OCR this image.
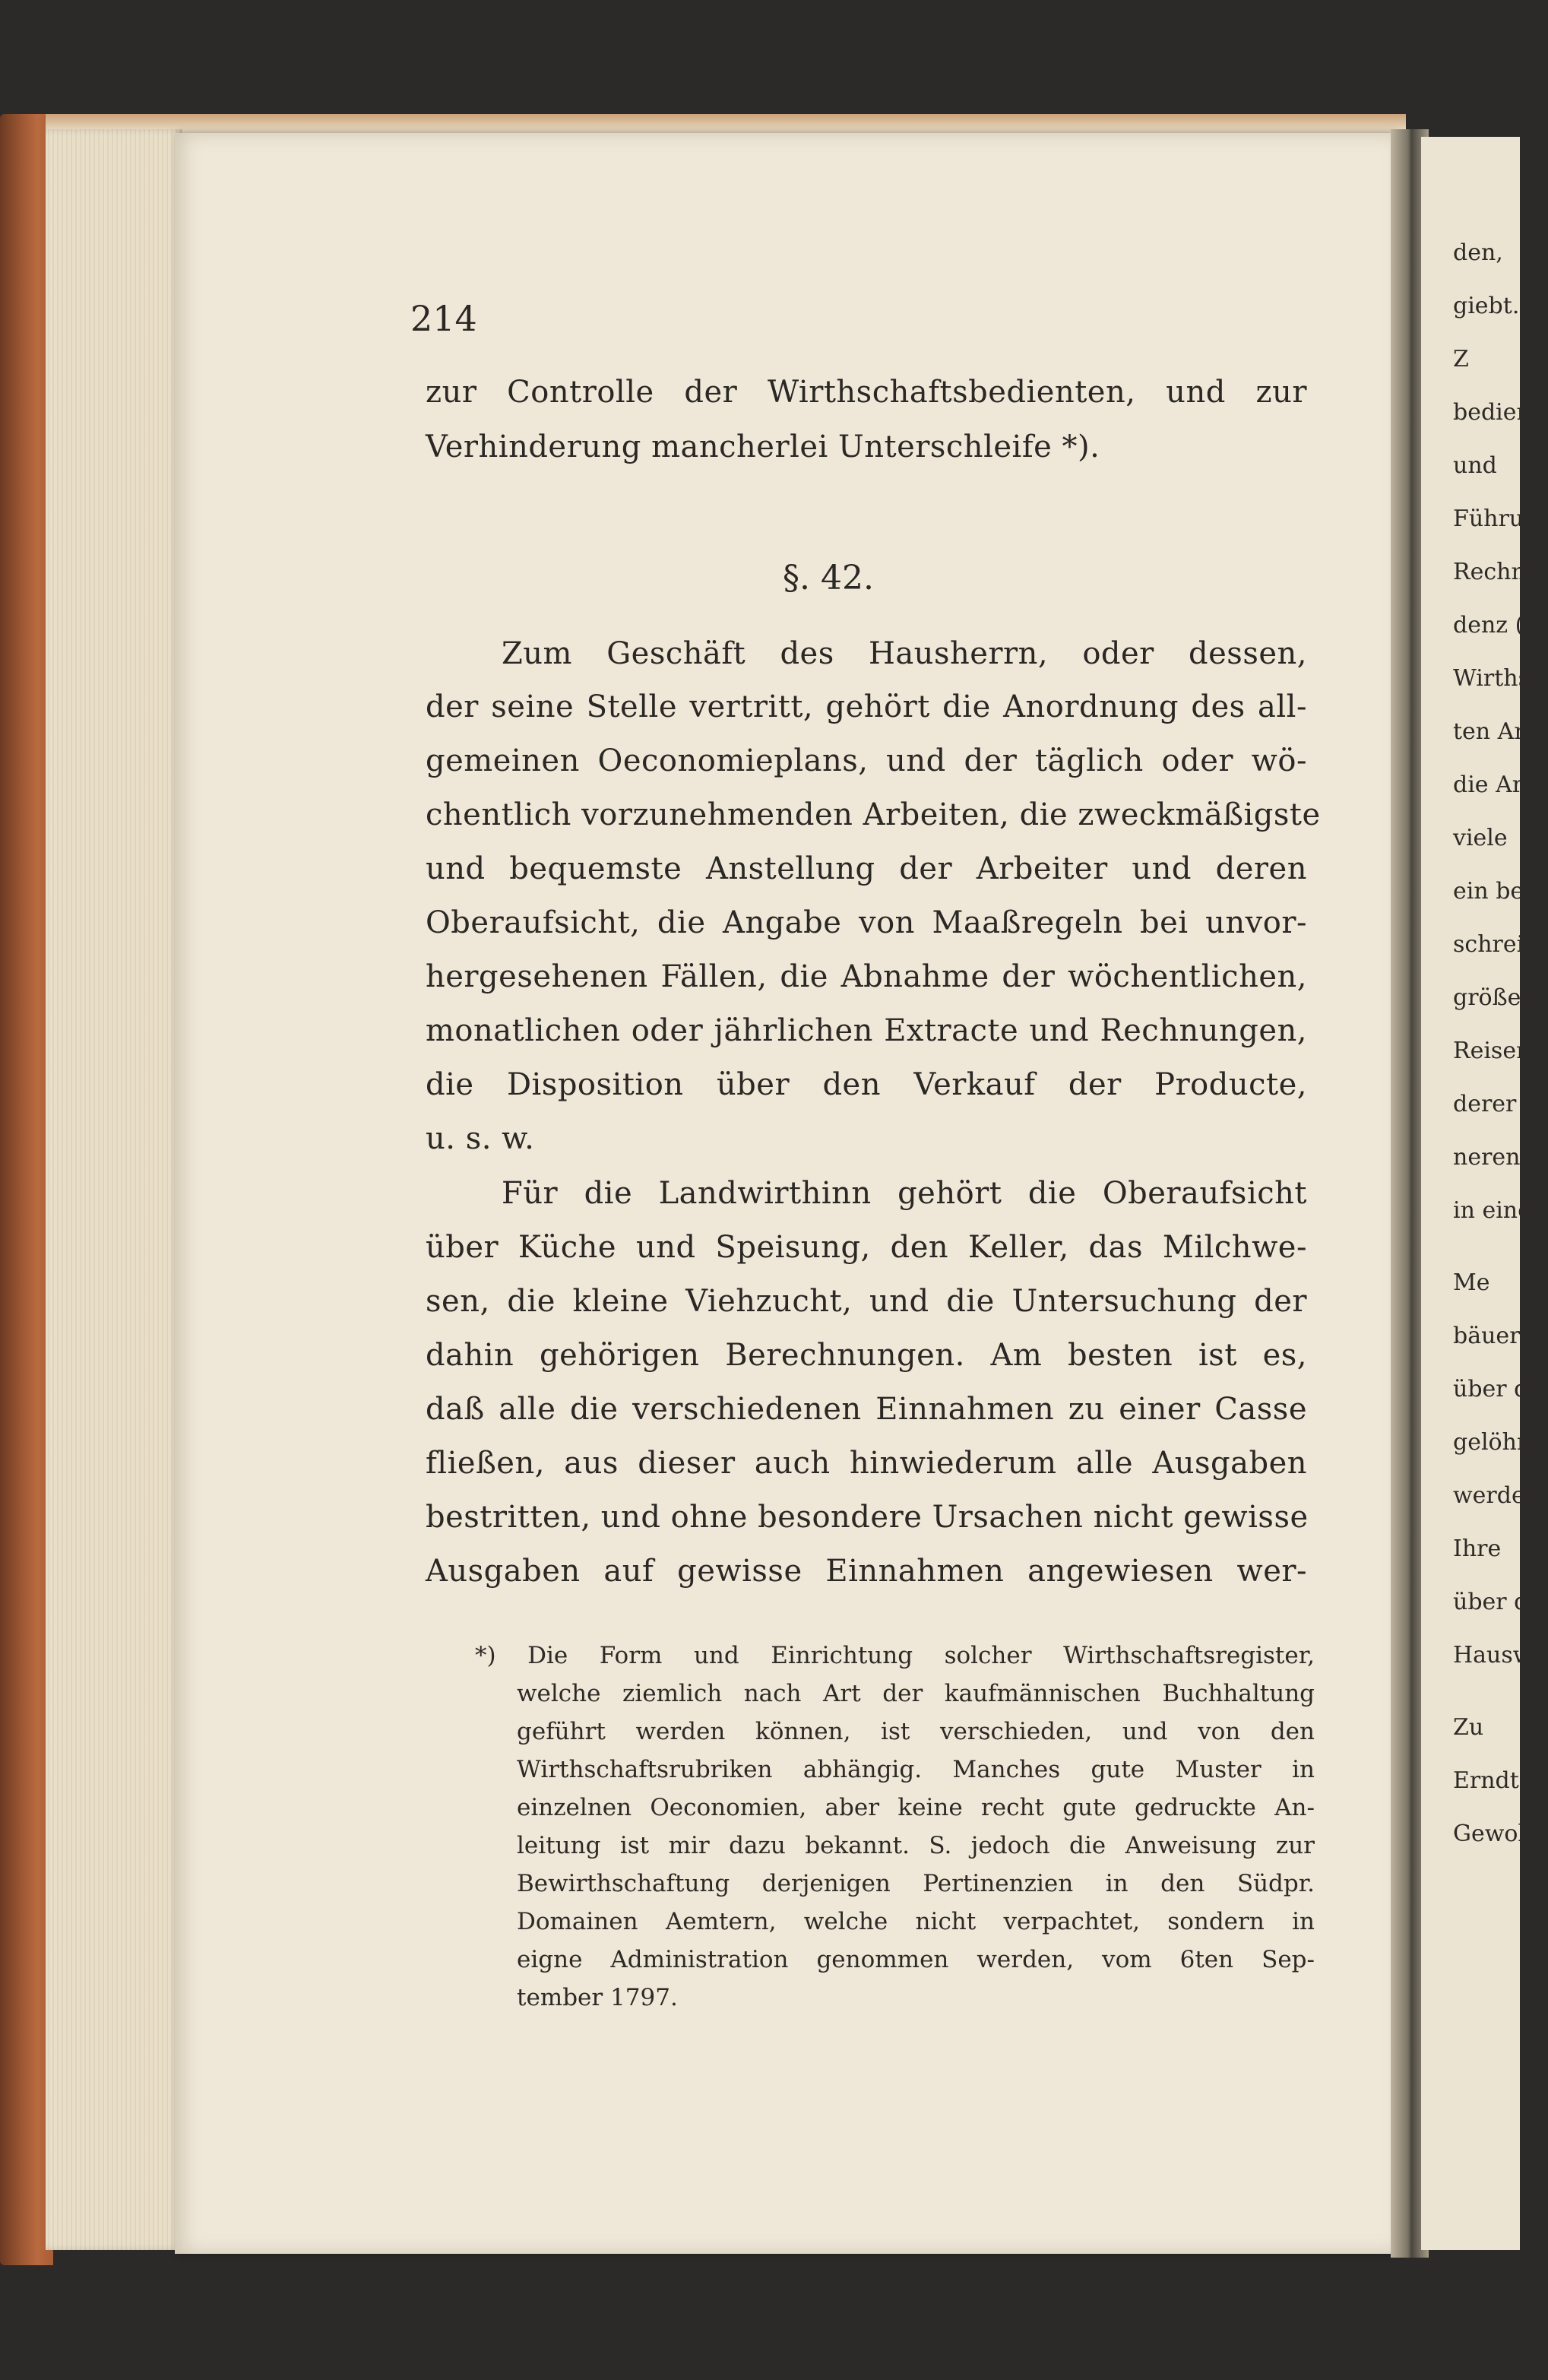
den,
giebt.
Z
bedien
und
Führu
Rechnu
denz (
Wirthsc
ten An
die Ar
viele
ein be
schreib
größer
Reisen
derer a
neren
in einer
Me
bäuerlic
über da
gelöhne
werden
Ihre
über d
Hauswi
Zu
Erndte
Gewol
214
zur Controlle der Wirthschaftsbedienten, und zur
Verhinderung mancherlei Unterschleife *).
§. 42.
Zum Geschäft des Hausherrn, oder dessen,
der seine Stelle vertritt, gehört die Anordnung des all-
gemeinen Oeconomieplans, und der täglich oder wö-
chentlich vorzunehmenden Arbeiten, die zweckmäßigste
und bequemste Anstellung der Arbeiter und deren
Oberaufsicht, die Angabe von Maaßregeln bei unvor-
hergesehenen Fällen, die Abnahme der wöchentlichen,
monatlichen oder jährlichen Extracte und Rechnungen,
die Disposition über den Verkauf der Producte,
u. s. w.
Für die Landwirthinn gehört die Oberaufsicht
über Küche und Speisung, den Keller, das Milchwe-
sen, die kleine Viehzucht, und die Untersuchung der
dahin gehörigen Berechnungen. Am besten ist es,
daß alle die verschiedenen Einnahmen zu einer Casse
fließen, aus dieser auch hinwiederum alle Ausgaben
bestritten, und ohne besondere Ursachen nicht gewisse
Ausgaben auf gewisse Einnahmen angewiesen wer-
*) Die Form und Einrichtung solcher Wirthschaftsregister,
welche ziemlich nach Art der kaufmännischen Buchhaltung
geführt werden können, ist verschieden, und von den
Wirthschaftsrubriken abhängig. Manches gute Muster in
einzelnen Oeconomien, aber keine recht gute gedruckte An-
leitung ist mir dazu bekannt. S. jedoch die Anweisung zur
Bewirthschaftung derjenigen Pertinenzien in den Südpr.
Domainen Aemtern, welche nicht verpachtet, sondern in
eigne Administration genommen werden, vom 6ten Sep-
tember 1797.
